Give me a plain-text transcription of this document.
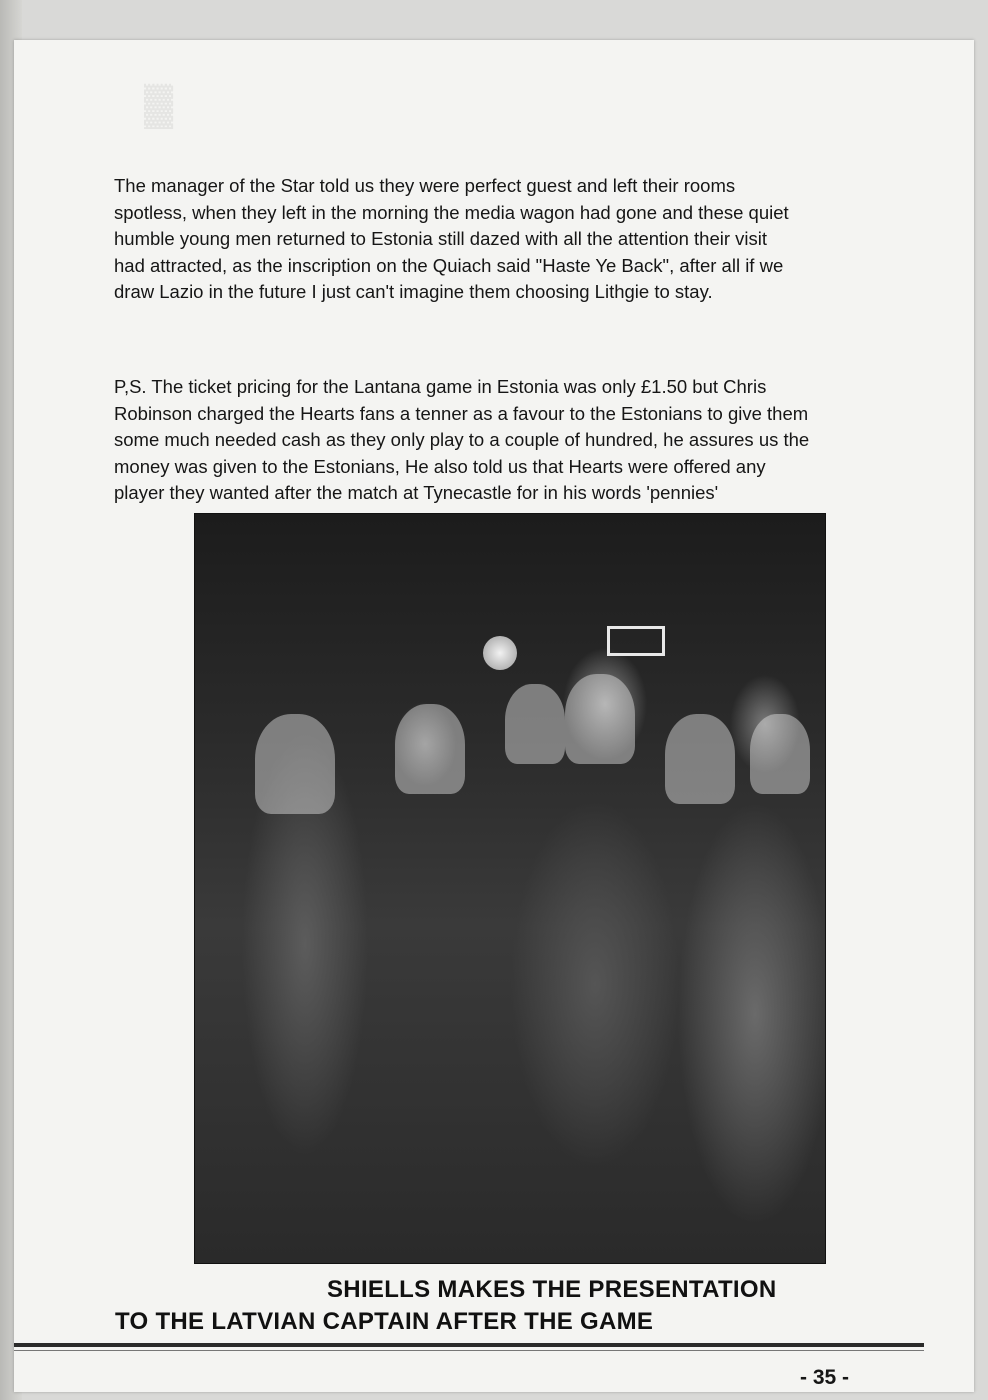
▓
The manager of the Star told us they were perfect guest and left their rooms
spotless, when they left in the morning the media wagon had gone and these quiet
humble young men returned to Estonia still dazed with all the attention their visit
had attracted, as the inscription on the Quiach said "Haste Ye Back", after all if we
draw Lazio in the future I just can't imagine them choosing Lithgie to stay.
P,S. The ticket pricing for the Lantana game in Estonia was only £1.50 but Chris
Robinson charged the Hearts fans a tenner as a favour to the Estonians to give them
some much needed cash as they only play to a couple of hundred, he assures us the
money was given to the Estonians, He also told us that Hearts were offered any
player they wanted after the match at Tynecastle for in his words 'pennies'
SHIELLS MAKES THE PRESENTATION
TO THE LATVIAN CAPTAIN AFTER THE GAME
- 35 -
